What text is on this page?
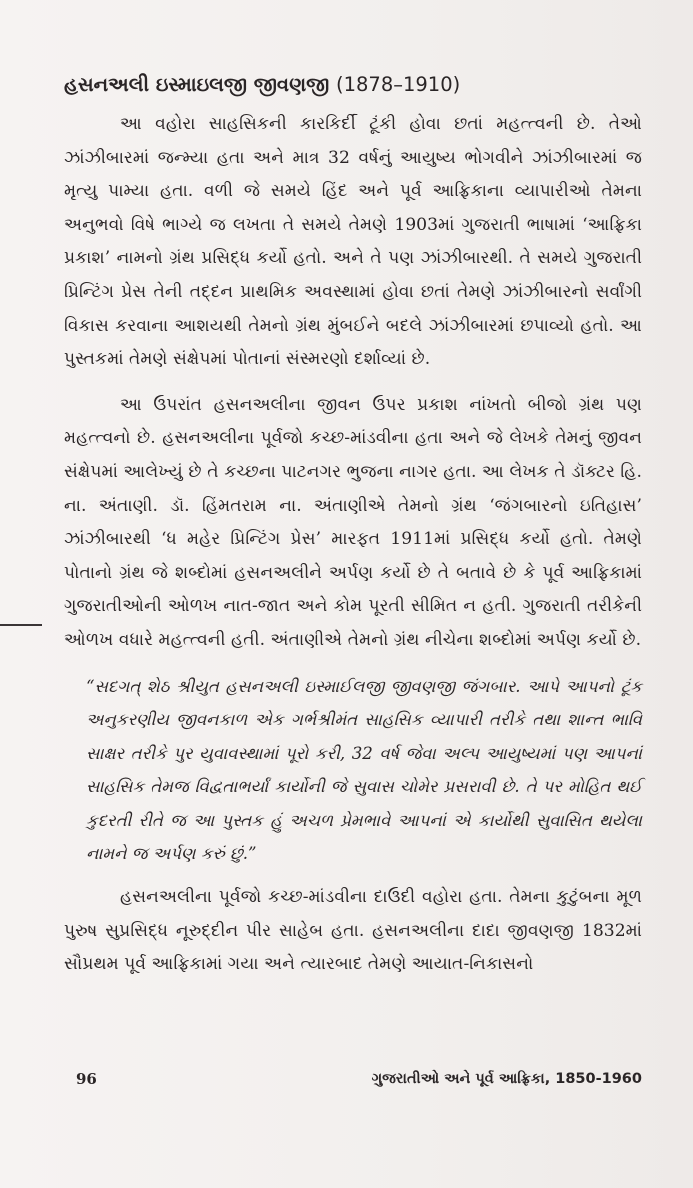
હસનઅલી ઇસ્માઇલજી જીવણજી (1878–1910)

આ વહોરા સાહસિકની કારકિર્દી ટૂંકી હોવા છતાં મહત્ત્વની છે. તેઓ ઝાંઝીબારમાં જન્મ્યા હતા અને માત્ર 32 વર્ષનું આયુષ્ય ભોગવીને ઝાંઝીબારમાં જ મૃત્યુ પામ્યા હતા. વળી જે સમયે હિંદ અને પૂર્વ આફ્રિકાના વ્યાપારીઓ તેમના અનુભવો વિષે ભાગ્યે જ લખતા તે સમયે તેમણે 1903માં ગુજરાતી ભાષામાં ‘આફ્રિકા પ્રકાશ’ નામનો ગ્રંથ પ્રસિદ્ધ કર્યો હતો. અને તે પણ ઝાંઝીબારથી. તે સમયે ગુજરાતી પ્રિન્ટિંગ પ્રેસ તેની તદ્દન પ્રાથમિક અવસ્થામાં હોવા છતાં તેમણે ઝાંઝીબારનો સર્વાંગી વિકાસ કરવાના આશયથી તેમનો ગ્રંથ મુંબઈને બદલે ઝાંઝીબારમાં છપાવ્યો હતો. આ પુસ્તકમાં તેમણે સંક્ષેપમાં પોતાનાં સંસ્મરણો દર્શાવ્યાં છે.

આ ઉપરાંત હસનઅલીના જીવન ઉપર પ્રકાશ નાંખતો બીજો ગ્રંથ પણ મહત્ત્વનો છે. હસનઅલીના પૂર્વજો કચ્છ-માંડવીના હતા અને જે લેખકે તેમનું જીવન સંક્ષેપમાં આલેખ્યું છે તે કચ્છના પાટનગર ભુજના નાગર હતા. આ લેખક તે ડૉક્ટર હિ. ના. અંતાણી. ડૉ. હિંમતરામ ના. અંતાણીએ તેમનો ગ્રંથ ‘જંગબારનો ઇતિહાસ’ ઝાંઝીબારથી ‘ધ મહેર પ્રિન્ટિંગ પ્રેસ’ મારફત 1911માં પ્રસિદ્ધ કર્યો હતો. તેમણે પોતાનો ગ્રંથ જે શબ્દોમાં હસનઅલીને અર્પણ કર્યો છે તે બતાવે છે કે પૂર્વ આફ્રિકામાં ગુજરાતીઓની ઓળખ નાત-જાત અને કોમ પૂરતી સીમિત ન હતી. ગુજરાતી તરીકેની ઓળખ વધારે મહત્ત્વની હતી. અંતાણીએ તેમનો ગ્રંથ નીચેના શબ્દોમાં અર્પણ કર્યો છે.

“સદગત્ શેઠ શ્રીયુત હસનઅલી ઇસ્માઈલજી જીવણજી જંગબાર. આપે આપનો ટૂંક અનુકરણીય જીવનકાળ એક ગર્ભશ્રીમંત સાહસિક વ્યાપારી તરીકે તથા શાન્ત ભાવિ સાક્ષર તરીકે પુર યુવાવસ્થામાં પૂરો કરી, 32 વર્ષ જેવા અલ્પ આયુષ્યમાં પણ આપનાં સાહસિક તેમજ વિદ્વતાભર્યાં કાર્યોની જે સુવાસ ચોમેર પ્રસરાવી છે. તે પર મોહિત થઈ કુદરતી રીતે જ આ પુસ્તક હું અચળ પ્રેમભાવે આપનાં એ કાર્યોથી સુવાસિત થયેલા નામને જ અર્પણ કરું છું.”

હસનઅલીના પૂર્વજો કચ્છ-માંડવીના દાઉદી વહોરા હતા. તેમના કુટુંબના મૂળ પુરુષ સુપ્રસિદ્ધ નૂરુદ્દીન પીર સાહેબ હતા. હસનઅલીના દાદા જીવણજી 1832માં સૌપ્રથમ પૂર્વ આફ્રિકામાં ગયા અને ત્યારબાદ તેમણે આયાત-નિકાસનો

96	ગુજરાતીઓ અને પૂર્વ આફ્રિકા, 1850-1960
